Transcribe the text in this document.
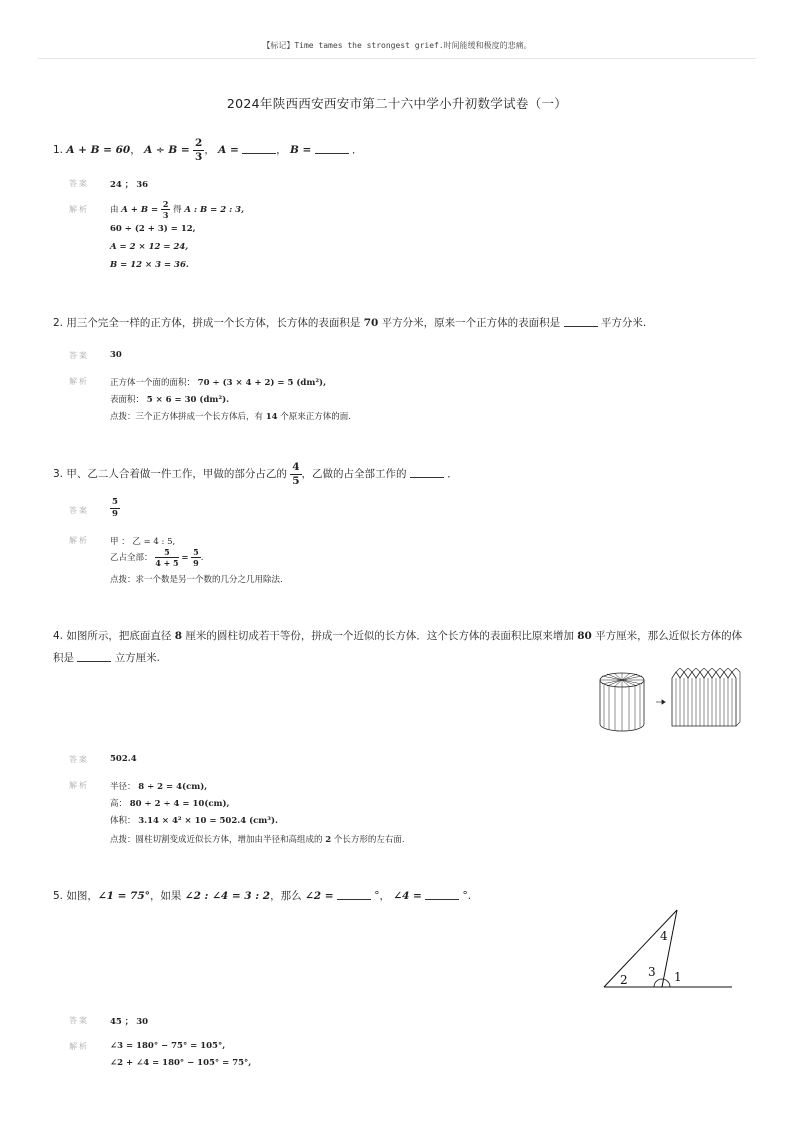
【标记】Time tames the strongest grief.时间能缓和极度的悲痛。
2024年陕西西安西安市第二十六中学小升初数学试卷（一）
1. A + B = 60， $A \div B = \frac{2}{3}$ ， A =	， B =	．
答案 24 ； 36
解析 由 $A + B = \frac{2}{3}$ 得 A : B = 2 : 3,
60 ÷ (2 + 3) = 12,
A = 2 × 12 = 24,
B = 12 × 3 = 36.
2. 用三个完全一样的正方体，拼成一个长方体，长方体的表面积是 70 平方分米，原来一个正方体的表面积是	平方分米.
答案 30
解析 正方体一个面的面积： 70 ÷ (3 × 4 + 2) = 5 (dm²),
表面积： 5 × 6 = 30 (dm²).
点拨：三个正方体拼成一个长方体后，有 14 个原来正方体的面.
3. 甲、乙二人合着做一件工作，甲做的部分占乙的 $\frac{4}{5}$ ，乙做的占全部工作的	．
答案 $\frac{5}{9}$
解析 甲 ： 乙 = 4 : 5,
乙占全部： $\frac{5}{4 + 5} = \frac{5}{9}$ .
点拨：求一个数是另一个数的几分之几用除法.
4. 如图所示，把底面直径 8 厘米的圆柱切成若干等份，拼成一个近似的长方体．这个长方体的表面积比原来增加 80 平方厘米，那么近似长方体的体
积是	立方厘米.
答案 502.4
解析 半径： 8 ÷ 2 = 4(cm),
高： 80 ÷ 2 ÷ 4 = 10(cm),
体积： 3.14 × 4² × 10 = 502.4 (cm³).
点拨：圆柱切割变成近似长方体，增加由半径和高组成的 2 个长方形的左右面.
5. 如图，∠1 = 75°，如果 ∠2 : ∠4 = 3 : 2，那么 ∠2 =	°， ∠4 =	°.
4
3 1
2
答案 45 ； 30
解析 ∠3 = 180° − 75° = 105°,
∠2 + ∠4 = 180° − 105° = 75°,
